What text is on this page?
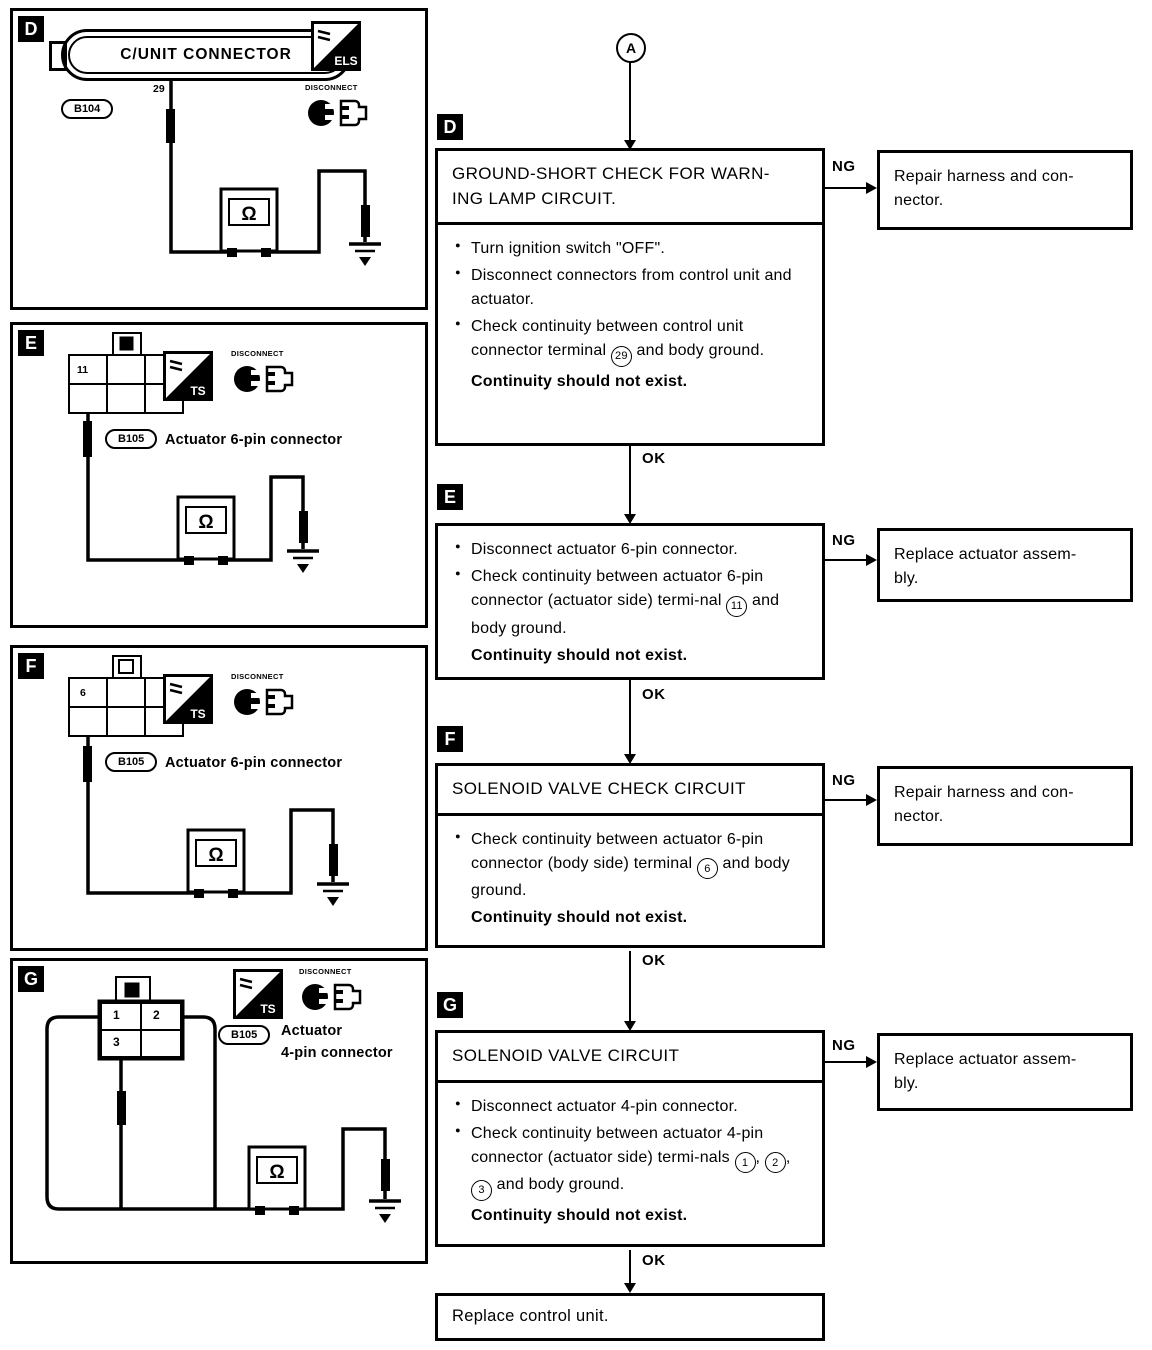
D
Ω
C/UNIT CONNECTOR
29
B104
ELS
DISCONNECT
E
Ω
11
TS
DISCONNECT
B105	Actuator 6-pin connector
F
Ω
6
TS
DISCONNECT
B105	Actuator 6-pin connector
G
Ω
1	2
3
TS
DISCONNECT
B105	Actuator
4-pin connector
A
D
GROUND-SHORT CHECK FOR WARN-
ING LAMP CIRCUIT.
● Turn ignition switch "OFF".
● Disconnect connectors from control unit and actuator.
● Check continuity between control unit connector terminal 29 and body ground.
Continuity should not exist.
NG
Repair harness and con-
nector.
OK
E
● Disconnect actuator 6-pin connector.
● Check continuity between actuator 6-pin connector (actuator side) termi-nal 11 and body ground.
Continuity should not exist.
NG
Replace actuator assem-
bly.
OK
F
SOLENOID VALVE CHECK CIRCUIT
● Check continuity between actuator 6-pin connector (body side) terminal 6 and body ground.
Continuity should not exist.
NG
Repair harness and con-
nector.
OK
G
SOLENOID VALVE CIRCUIT
● Disconnect actuator 4-pin connector.
● Check continuity between actuator 4-pin connector (actuator side) termi-nals 1 , 2 , 3 and body ground.
Continuity should not exist.
NG
Replace actuator assem-
bly.
OK
Replace control unit.
